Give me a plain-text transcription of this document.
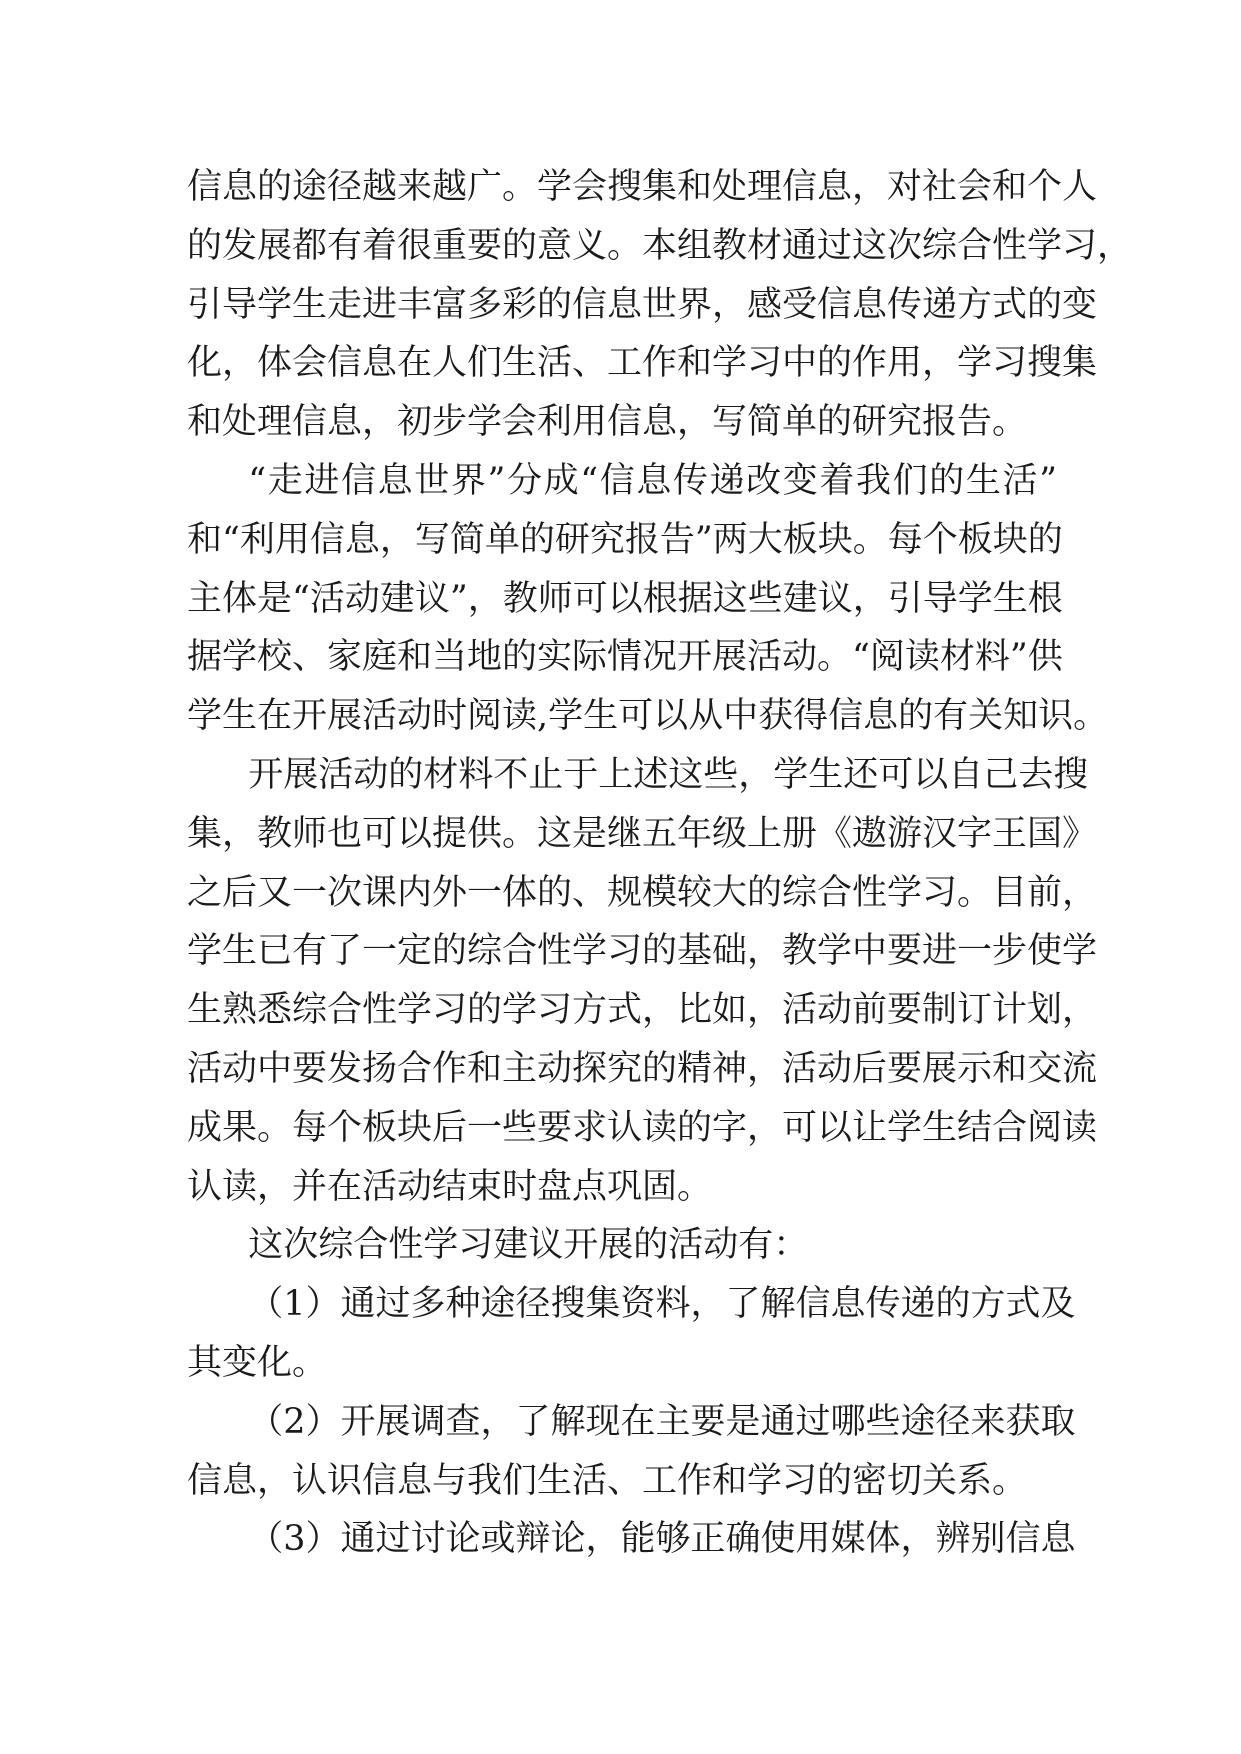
信息的途径越来越广。学会搜集和处理信息，对社会和个人
的发展都有着很重要的意义。本组教材通过这次综合性学习，
引导学生走进丰富多彩的信息世界，感受信息传递方式的变
化，体会信息在人们生活、工作和学习中的作用，学习搜集
和处理信息，初步学会利用信息，写简单的研究报告。
“走进信息世界”分成“信息传递改变着我们的生活”
和“利用信息，写简单的研究报告”两大板块。每个板块的
主体是“活动建议”，教师可以根据这些建议，引导学生根
据学校、家庭和当地的实际情况开展活动。“阅读材料”供
学生在开展活动时阅读,学生可以从中获得信息的有关知识。
开展活动的材料不止于上述这些，学生还可以自己去搜
集，教师也可以提供。这是继五年级上册《遨游汉字王国》
之后又一次课内外一体的、规模较大的综合性学习。目前，
学生已有了一定的综合性学习的基础，教学中要进一步使学
生熟悉综合性学习的学习方式，比如，活动前要制订计划，
活动中要发扬合作和主动探究的精神，活动后要展示和交流
成果。每个板块后一些要求认读的字，可以让学生结合阅读
认读，并在活动结束时盘点巩固。
这次综合性学习建议开展的活动有：
（1）通过多种途径搜集资料，了解信息传递的方式及
其变化。
（2）开展调查，了解现在主要是通过哪些途径来获取
信息，认识信息与我们生活、工作和学习的密切关系。
（3）通过讨论或辩论，能够正确使用媒体，辨别信息
